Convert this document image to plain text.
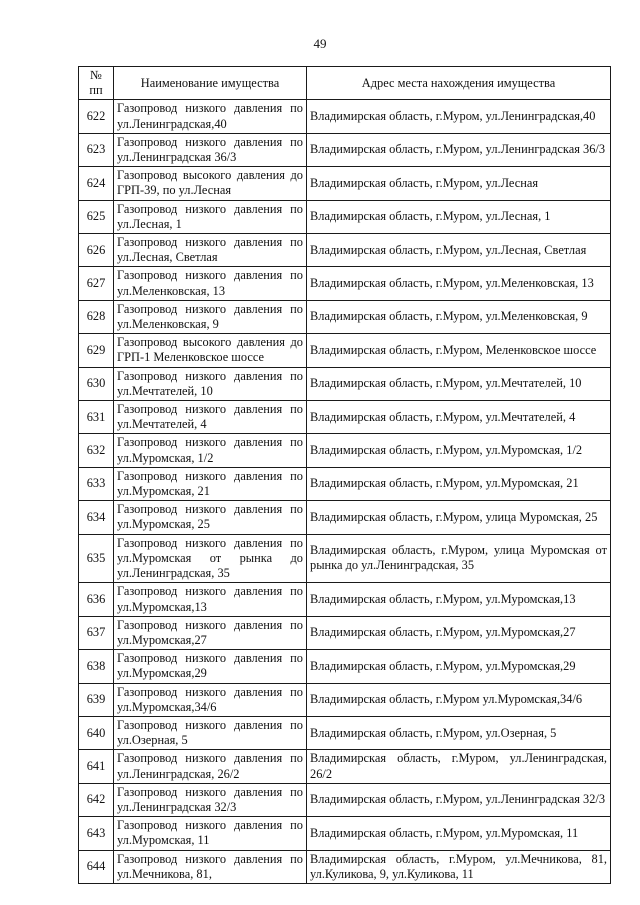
49
№ пп	Наименование имущества	Адрес места нахождения имущества
622	Газопровод низкого давления по ул.Ленинградская,40	Владимирская область, г.Муром, ул.Ленинградская,40
623	Газопровод низкого давления по ул.Ленинградская 36/3	Владимирская область, г.Муром, ул.Ленинградская 36/3
624	Газопровод высокого давления до ГРП-39, по ул.Лесная	Владимирская область, г.Муром, ул.Лесная
625	Газопровод низкого давления по ул.Лесная, 1	Владимирская область, г.Муром, ул.Лесная, 1
626	Газопровод низкого давления по ул.Лесная, Светлая	Владимирская область, г.Муром, ул.Лесная, Светлая
627	Газопровод низкого давления по ул.Меленковская, 13	Владимирская область, г.Муром, ул.Меленковская, 13
628	Газопровод низкого давления по ул.Меленковская, 9	Владимирская область, г.Муром, ул.Меленковская, 9
629	Газопровод высокого давления до ГРП-1 Меленковское шоссе	Владимирская область, г.Муром, Меленковское шоссе
630	Газопровод низкого давления по ул.Мечтателей, 10	Владимирская область, г.Муром, ул.Мечтателей, 10
631	Газопровод низкого давления по ул.Мечтателей, 4	Владимирская область, г.Муром, ул.Мечтателей, 4
632	Газопровод низкого давления по ул.Муромская, 1/2	Владимирская область, г.Муром, ул.Муромская, 1/2
633	Газопровод низкого давления по ул.Муромская, 21	Владимирская область, г.Муром, ул.Муромская, 21
634	Газопровод низкого давления по ул.Муромская, 25	Владимирская область, г.Муром, улица Муромская, 25
635	Газопровод низкого давления по ул.Муромская от рынка до ул.Ленинградская, 35	Владимирская область, г.Муром, улица Муромская от рынка до ул.Ленинградская, 35
636	Газопровод низкого давления по ул.Муромская,13	Владимирская область, г.Муром, ул.Муромская,13
637	Газопровод низкого давления по ул.Муромская,27	Владимирская область, г.Муром, ул.Муромская,27
638	Газопровод низкого давления по ул.Муромская,29	Владимирская область, г.Муром, ул.Муромская,29
639	Газопровод низкого давления по ул.Муромская,34/6	Владимирская область, г.Муром ул.Муромская,34/6
640	Газопровод низкого давления по ул.Озерная, 5	Владимирская область, г.Муром, ул.Озерная, 5
641	Газопровод низкого давления по ул.Ленинградская, 26/2	Владимирская область, г.Муром, ул.Ленинградская, 26/2
642	Газопровод низкого давления по ул.Ленинградская 32/3	Владимирская область, г.Муром, ул.Ленинградская 32/3
643	Газопровод низкого давления по ул.Муромская, 11	Владимирская область, г.Муром, ул.Муромская, 11
644	Газопровод низкого давления по ул.Мечникова, 81,	Владимирская область, г.Муром, ул.Мечникова, 81, ул.Куликова, 9, ул.Куликова, 11
